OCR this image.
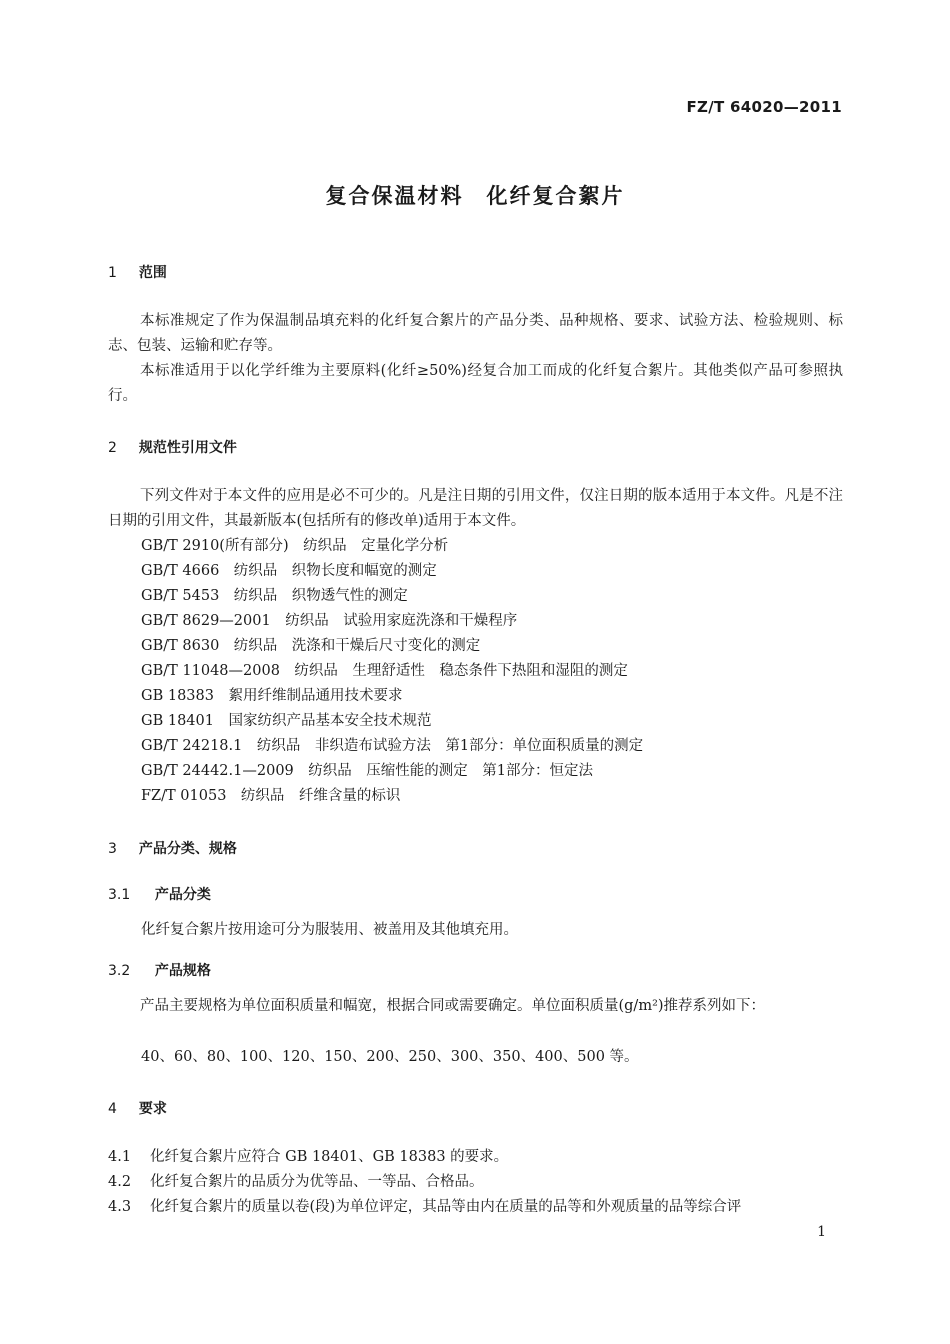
FZ/T 64020—2011
复合保温材料　化纤复合絮片
1 范围
本标准规定了作为保温制品填充料的化纤复合絮片的产品分类、品种规格、要求、试验方法、检验规则、标志、包装、运输和贮存等。
本标准适用于以化学纤维为主要原料(化纤≥50%)经复合加工而成的化纤复合絮片。其他类似产品可参照执行。
2 规范性引用文件
下列文件对于本文件的应用是必不可少的。凡是注日期的引用文件，仅注日期的版本适用于本文件。凡是不注日期的引用文件，其最新版本(包括所有的修改单)适用于本文件。
GB/T 2910(所有部分)　纺织品　定量化学分析
GB/T 4666　纺织品　织物长度和幅宽的测定
GB/T 5453　纺织品　织物透气性的测定
GB/T 8629—2001　纺织品　试验用家庭洗涤和干燥程序
GB/T 8630　纺织品　洗涤和干燥后尺寸变化的测定
GB/T 11048—2008　纺织品　生理舒适性　稳态条件下热阻和湿阻的测定
GB 18383　絮用纤维制品通用技术要求
GB 18401　国家纺织产品基本安全技术规范
GB/T 24218.1　纺织品　非织造布试验方法　第1部分：单位面积质量的测定
GB/T 24442.1—2009　纺织品　压缩性能的测定　第1部分：恒定法
FZ/T 01053　纺织品　纤维含量的标识
3 产品分类、规格
3.1 产品分类
化纤复合絮片按用途可分为服装用、被盖用及其他填充用。
3.2 产品规格
产品主要规格为单位面积质量和幅宽，根据合同或需要确定。单位面积质量(g/m²)推荐系列如下：
40、60、80、100、120、150、200、250、300、350、400、500 等。
4 要求
4.1 化纤复合絮片应符合 GB 18401、GB 18383 的要求。
4.2 化纤复合絮片的品质分为优等品、一等品、合格品。
4.3 化纤复合絮片的质量以卷(段)为单位评定，其品等由内在质量的品等和外观质量的品等综合评
1
